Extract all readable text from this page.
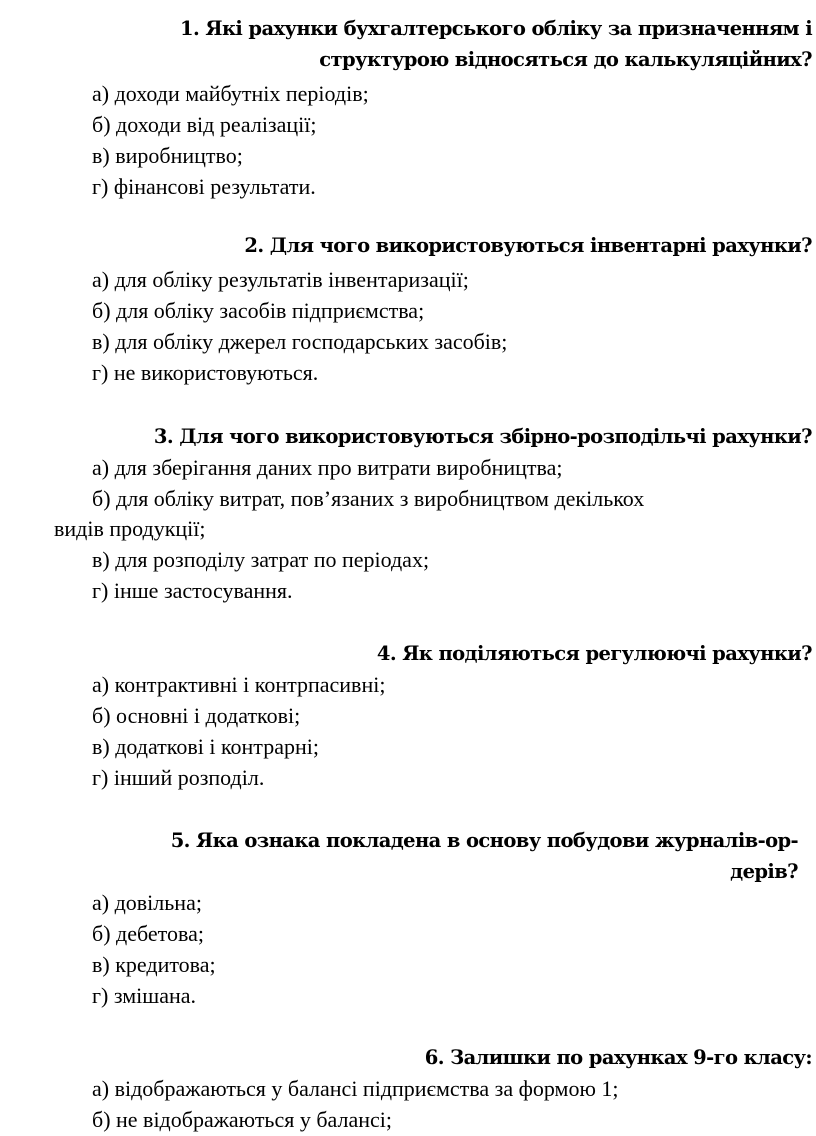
1. Які рахунки бухгалтерського обліку за призначенням і
структурою відносяться до калькуляційних?
а) доходи майбутніх періодів;
б) доходи від реалізації;
в) виробництво;
г) фінансові результати.
2. Для чого використовуються інвентарні рахунки?
а) для обліку результатів інвентаризації;
б) для обліку засобів підприємства;
в) для обліку джерел господарських засобів;
г) не використовуються.
3. Для чого використовуються збірно-розподільчі рахунки?
а) для зберігання даних про витрати виробництва;
б) для обліку витрат, пов’язаних з виробництвом декількох
видів продукції;
в) для розподілу затрат по періодах;
г) інше застосування.
4. Як поділяються регулюючі рахунки?
а) контрактивні і контрпасивні;
б) основні і додаткові;
в) додаткові і контрарні;
г) інший розподіл.
5. Яка ознака покладена в основу побудови журналів-ор-
дерів?
а) довільна;
б) дебетова;
в) кредитова;
г) змішана.
6. Залишки по рахунках 9-го класу:
а) відображаються у балансі підприємства за формою 1;
б) не відображаються у балансі;
